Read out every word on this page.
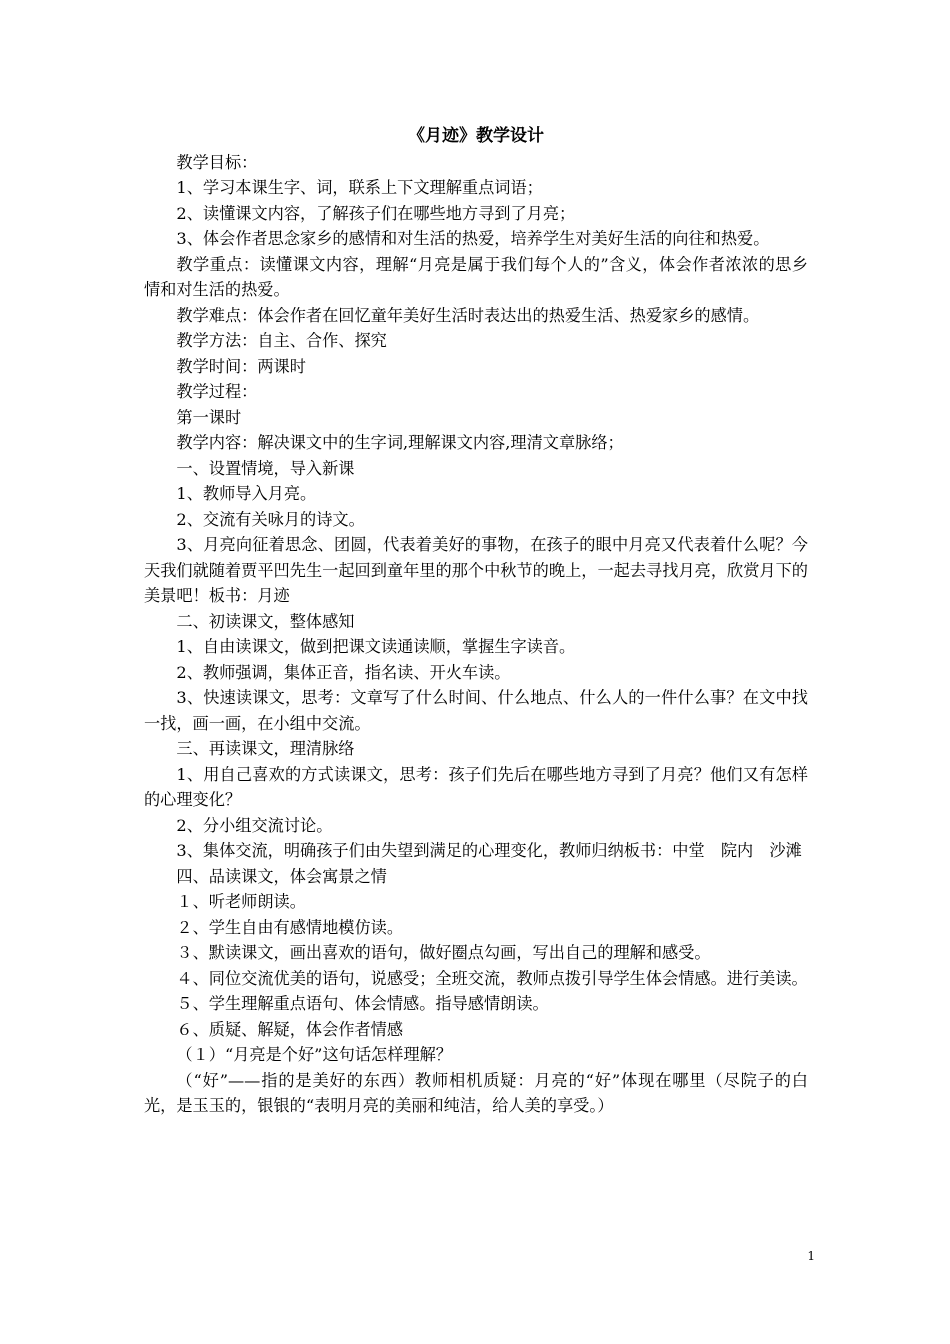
《月迹》教学设计

教学目标：

1、学习本课生字、词，联系上下文理解重点词语；

2、读懂课文内容，了解孩子们在哪些地方寻到了月亮；

3、体会作者思念家乡的感情和对生活的热爱，培养学生对美好生活的向往和热爱。

教学重点：读懂课文内容，理解“月亮是属于我们每个人的”含义，体会作者浓浓的思乡情和对生活的热爱。

教学难点：体会作者在回忆童年美好生活时表达出的热爱生活、热爱家乡的感情。

教学方法：自主、合作、探究

教学时间：两课时

教学过程：

第一课时

教学内容：解决课文中的生字词,理解课文内容,理清文章脉络；

一、设置情境，导入新课

1、教师导入月亮。

2、交流有关咏月的诗文。

3、月亮向征着思念、团圆，代表着美好的事物，在孩子的眼中月亮又代表着什么呢？今天我们就随着贾平凹先生一起回到童年里的那个中秋节的晚上，一起去寻找月亮，欣赏月下的美景吧！板书：月迹

二、初读课文，整体感知

1、自由读课文，做到把课文读通读顺，掌握生字读音。

2、教师强调，集体正音，指名读、开火车读。

3、快速读课文，思考：文章写了什么时间、什么地点、什么人的一件什么事？在文中找一找，画一画，在小组中交流。

三、再读课文，理清脉络

1、用自己喜欢的方式读课文，思考：孩子们先后在哪些地方寻到了月亮？他们又有怎样的心理变化？

2、分小组交流讨论。

3、集体交流，明确孩子们由失望到满足的心理变化，教师归纳板书：中堂　院内　沙滩

四、品读课文，体会寓景之情

１、听老师朗读。

２、学生自由有感情地模仿读。

３、默读课文，画出喜欢的语句，做好圈点勾画，写出自己的理解和感受。

４、同位交流优美的语句，说感受；全班交流，教师点拨引导学生体会情感。进行美读。

５、学生理解重点语句、体会情感。指导感情朗读。

６、质疑、解疑，体会作者情感

（１）“月亮是个好”这句话怎样理解？

（“好”——指的是美好的东西）教师相机质疑：月亮的“好”体现在哪里（尽院子的白光，是玉玉的，银银的“表明月亮的美丽和纯洁，给人美的享受。）

1
